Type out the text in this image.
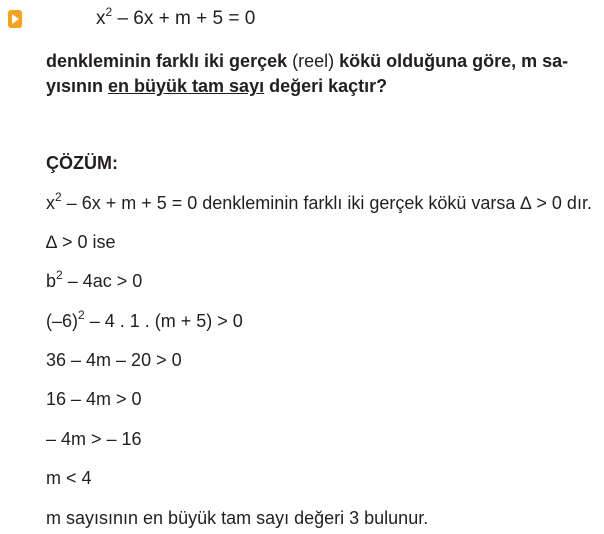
$x^2 - 6x + m + 5 = 0$
denkleminin farklı iki gerçek (reel) kökü olduğuna göre, m sa-
yısının en büyük tam sayı değeri kaçtır?
ÇÖZÜM:
$x^2 - 6x + m + 5 = 0$ denkleminin farklı iki gerçek kökü varsa ∆ > 0 dır.
∆ > 0 ise
$b^2 - 4ac > 0$
$(-6)^2 - 4$ . 1 . (m + 5) > 0
36 – 4m – 20 > 0
16 – 4m > 0
– 4m > – 16
m < 4
m sayısının en büyük tam sayı değeri 3 bulunur.
